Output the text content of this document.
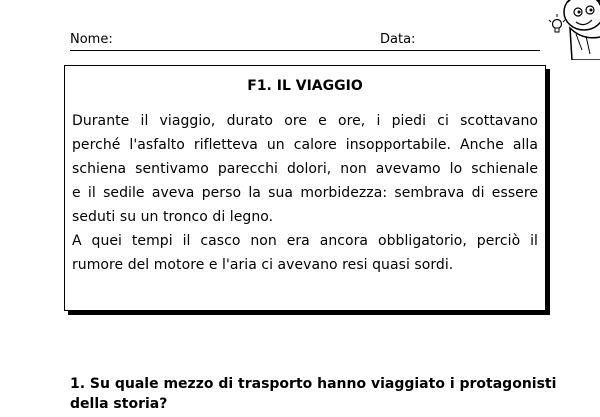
Nome:	Data:
F1. IL VIAGGIO
Durante il viaggio, durato ore e ore, i piedi ci scottavano
perché l'asfalto rifletteva un calore insopportabile. Anche alla
schiena sentivamo parecchi dolori, non avevamo lo schienale
e il sedile aveva perso la sua morbidezza: sembrava di essere
seduti su un tronco di legno.
A quei tempi il casco non era ancora obbligatorio, perciò il
rumore del motore e l'aria ci avevano resi quasi sordi.
1. Su quale mezzo di trasporto hanno viaggiato i protagonisti
della storia?
